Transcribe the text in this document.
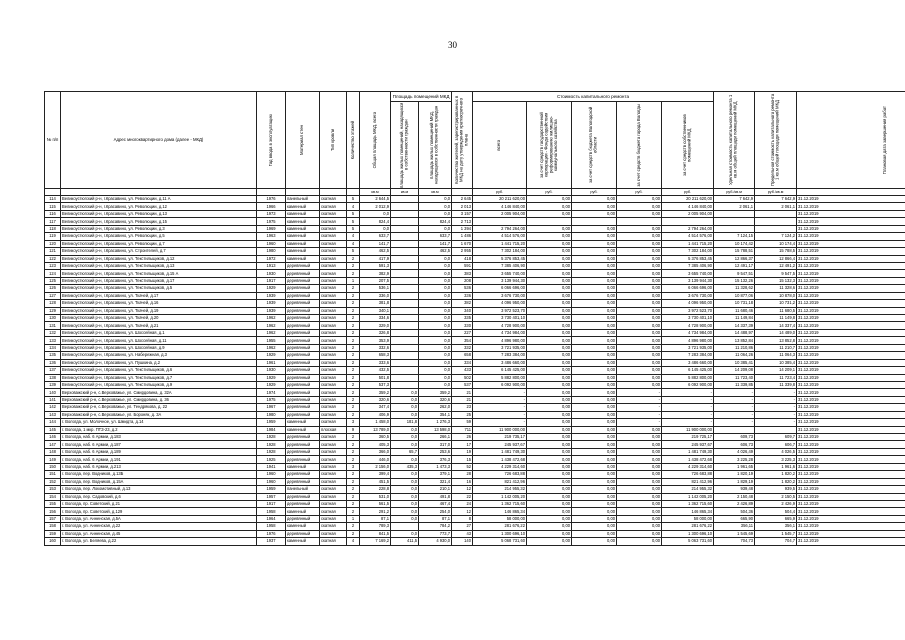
30
№ п/п	Адрес многоквартирного дома (далее - МКД)	Год ввода в эксплуатацию	Материал стен	Тип кровли	Количество этажей	Общая площадь МКД, всего	Площадь помещений МКД		Количество жителей, зарегистрированных в МКД на дату утверждения краткосрочного плана	Стоимость капитального ремонта					Удельная стоимость капитального ремонта 1 кв.м общей площади помещений МКД	Предельная стоимость капитального ремонта 1 кв.м общей площади помещений МКД	Плановая дата завершения работ

							площадь жилых помещений, находящихся в собственности граждан	площадь жилых помещений МКД, находящихся в собственности граждан		всего	за счет средств государственной корпорации - Фонда содействия реформированию жилищно-коммунального хозяйства	за счет средств бюджета Вологодской области	за счет средств бюджета города Вологды	за счет средств собственников помещений МКД			

						кв.м	кв.м	кв.м		руб.	руб.	руб.	руб.	руб.	руб./кв.м	руб./кв.м	
114	Великоустюгский р-н, г.Красавино, ул. Революции, д.11 А	1976	панельный	скатная	5	2 644,5		0,0	2 645	20 211 620,00	0,00	0,00	0,00	20 211 620,00	7 642,9	7 642,9	31.12.2019
115	Великоустюгский р-н, г.Красавино, ул. Революции, д.12	1966	каменный	скатная	4	2 012,9		0,0	2 013	4 146 840,00	0,00	0,00	0,00	4 146 840,00	2 061,1	2 061,1	31.12.2019
116	Великоустюгский р-н, г.Красавино, ул. Революции, д.13	1973	каменный	скатная	5	0,0		0,0	3 157	2 005 904,00	0,00	0,00	0,00	2 005 904,00			31.12.2019
117	Великоустюгский р-н, г.Красавино, ул. Революции, д.15	1975	каменный	скатная	5	824,4		824,4	2 713								31.12.2019
118	Великоустюгский р-н, г.Красавино, ул. Революции, д.3	1969	каменный	скатная	5	0,0		0,0	1 394	2 794 264,00	0,00	0,00	0,00	2 794 264,00			31.12.2019
119	Великоустюгский р-н, г.Красавино, ул. Революции, д.5	1963	каменный	скатная	4	633,7		633,7	1 486	4 514 576,00	0,00	0,00	0,00	4 514 576,00	7 124,15	7 124,2	31.12.2019
120	Великоустюгский р-н, г.Красавино, ул. Революции, д.7	1960	каменный	скатная	4	141,7		141,7	1 670	1 441 715,20	0,00	0,00	0,00	1 441 715,20	10 174,42	10 174,4	31.12.2019
121	Великоустюгский р-н, г.Красавино, ул. Строителей, д.7	1980	каменный	скатная	5	462,5		462,5	2 955	7 302 184,00	0,00	0,00	0,00	7 302 184,00	15 788,51	15 788,5	31.12.2019
122	Великоустюгский р-н, г.Красавино, ул. Текстильщиков, д.12	1972	каменный	скатная	2	417,9		0,0	418	5 376 853,45	0,00	0,00	0,00	5 376 853,45	12 866,37	12 866,4	31.12.2019
123	Великоустюгский р-н, г.Красавино, ул. Текстильщиков, д.13	1913	деревянный	скатная	2	591,3		0,0	591	7 385 406,90	0,00	0,00	0,00	7 385 406,90	12 491,17	12 491,2	31.12.2019
124	Великоустюгский р-н, г.Красавино, ул. Текстильщиков, д.15 А	1930	деревянный	скатная	2	382,9		0,0	383	3 655 740,00	0,00	0,00	0,00	3 655 740,00	9 547,51	9 547,5	31.12.2019
125	Великоустюгский р-н, г.Красавино, ул. Текстильщиков, д.17	1917	деревянный	скатная	1	207,5		0,0	208	3 139 944,30	0,00	0,00	0,00	3 139 944,30	15 132,26	15 132,3	31.12.2019
126	Великоустюгский р-н, г.Красавино, ул. Текстильщиков, д.5	1929	деревянный	скатная	2	536,1		0,0	536	6 066 696,00	0,00	0,00	0,00	6 066 696,00	11 328,62	11 328,6	31.12.2019
127	Великоустюгский р-н, г.Красавино, ул. Ткачей, д.17	1939	деревянный	скатная	2	336,0		0,0	336	3 676 730,00	0,00	0,00	0,00	3 676 730,00	10 877,06	10 878,0	31.12.2019
128	Великоустюгский р-н, г.Красавино, ул. Ткачей, д.16	1939	деревянный	скатная	2	381,8		0,0	382	4 096 950,00	0,00	0,00	0,00	4 096 950,00	10 731,18	10 731,2	31.12.2019
129	Великоустюгский р-н, г.Красавино, ул. Ткачей, д.19	1939	деревянный	скатная	2	340,1		0,0	340	3 972 523,70	0,00	0,00	0,00	3 972 523,70	11 680,46	11 680,5	31.12.2019
130	Великоустюгский р-н, г.Красавино, ул. Ткачей, д.20	1962	деревянный	скатная	2	334,6		0,0	335	3 730 401,10	0,00	0,00	0,00	3 730 401,10	11 149,84	11 149,8	31.12.2019
131	Великоустюгский р-н, г.Красавино, ул. Ткачей, д.21	1962	деревянный	скатная	2	329,0		0,0	330	4 728 900,00	0,00	0,00	0,00	4 728 900,00	14 337,39	14 337,4	31.12.2019
132	Великоустюгский р-н, г.Красавино, ул. Шоссейная, д.1	1962	деревянный	скатная	2	326,8		0,0	227	4 734 984,00	0,00	0,00	0,00	4 734 984,00	14 488,97	14 489,0	31.12.2019
133	Великоустюгский р-н, г.Красавино, ул. Шоссейная, д.11	1955	деревянный	скатная	2	353,9		0,0	354	4 896 980,00	0,00	0,00	0,00	4 896 980,00	13 852,84	13 852,8	31.12.2019
134	Великоустюгский р-н, г.Красавино, ул. Шоссейная, д.9	1962	деревянный	скатная	2	332,6		0,0	332	3 721 935,00	0,00	0,00	0,00	3 721 935,00	11 210,86	11 210,7	31.12.2019
135	Великоустюгский р-н, г.Красавино, ул. Набережная, д.3	1929	деревянный	скатная	2	658,3		0,0	658	7 283 384,00	0,00	0,00	0,00	7 283 384,00	11 064,26	11 064,3	31.12.2019
136	Великоустюгский р-н, г.Красавино, ул. Пушкина, д.2	1961	деревянный	скатная	2	333,6		0,0	334	3 486 660,00	0,00	0,00	0,00	3 486 660,00	10 385,41	10 385,4	31.12.2019
137	Великоустюгский р-н, г.Красавино, ул. Текстильщиков, д.6	1930	деревянный	скатная	2	432,5		0,0	433	6 145 425,00	0,00	0,00	0,00	6 145 425,00	14 209,08	14 209,1	31.12.2019
138	Великоустюгский р-н, г.Красавино, ул. Текстильщиков, д.7	1929	деревянный	скатная	2	501,8		0,0	502	5 882 800,00	0,00	0,00	0,00	5 882 800,00	11 723,40	11 723,4	31.12.2019
139	Великоустюгский р-н, г.Красавино, ул. Текстильщиков, д.9	1929	деревянный	скатная	2	537,3		0,0	537	6 092 900,00	0,00	0,00	0,00	6 092 900,00	11 339,85	11 339,8	31.12.2019
140	Верховажский р-н, с.Верховажье, ул. Смирдовина, д. 32А	1974	деревянный	скатная	2	359,2	0,0	359,2	21	-	0,00	0,00	-	-	-	-	31.12.2019
141	Верховажский р-н, с.Верховажье, ул. Смирдовина, д. 36	1975	деревянный	скатная	2	320,6	0,0	320,6	21	-	0,00	0,00	-	-	-	-	31.12.2019
142	Верховажский р-н, с.Верховажье, ул. Тендрякова, д. 22	1967	деревянный	скатная	2	347,4	0,0	262,0	23	-	0,00	0,00	-	-	-	-	31.12.2019
143	Верховажский р-н, с.Верховажье, ул. Бороняк, д. 3А	1980	деревянный	скатная	2	406,9	0,0	354,1	25	-	0,00	0,00	-	-	-	-	31.12.2019
144	г. Вологда, ул. Молочное, ул. Шмидта, д.14	1959	каменный	скатная	3	1 458,0	181,8	1 276,3	59	-	0,00	0,00	-	-	-	-	31.12.2019
145	г. Вологда, 1 мкр. ПТЗ-23, д.2	1984	каменный	плоская	9	13 789,0	0,0	13 598,0	711	11 900 000,00	0,00	0,00	0,00	11 900 000,00			31.12.2019
146	г. Вологда, наб. 6 Армии, д.183	1928	деревянный	скатная	2	360,5	0,0	266,1	26	219 735,17	0,00	0,00	0,00	219 725,17	609,73	609,7	31.12.2019
147	г. Вологда, наб. 6 Армии, д.187	1928	деревянный	скатная	2	405,3	0,0	317,0	17	245 937,67	0,00	0,00	0,00	245 937,67	606,73	606,7	31.12.2019
148	г. Вологда, наб. 6 Армии, д.189	1928	деревянный	скатная	2	366,0	65,7	253,6	19	1 481 749,30	0,00	0,00	0,00	1 481 749,30	4 026,49	4 026,5	31.12.2019
149	г. Вологда, наб. 6 Армии, д.191	1925	деревянный	скатная	2	446,0	0,0	376,3	15	1 438 472,68	0,00	0,00	0,00	1 438 472,68	3 225,28	3 225,3	31.12.2019
150	г. Вологда, наб. 6 Армии, д.213	1941	каменный	скатная	3	2 156,0	435,3	1 473,3	52	4 229 314,60	0,00	0,00	0,00	4 229 314,60	1 961,65	1 961,6	31.12.2019
151	г. Вологда, пер. Водников, д.13Б	1960	деревянный	скатная	2	399,4	0,0	379,1	28	726 683,88	0,00	0,00	0,00	726 683,88	1 820,19	1 820,2	31.12.2019
152	г. Вологда, пер. Водников, д.15А	1960	деревянный	скатная	2	451,5	0,0	321,4	16	821 412,96	0,00	0,00	0,00	821 412,96	1 829,19	1 820,2	31.12.2019
153	г. Вологда, пер. Локомотивный, д.13	1959	панельный	скатная	2	228,8	0,0	210,1	12	214 955,32	0,00	0,00	0,00	214 955,32	939,48	939,5	31.12.2019
154	г. Вологда, пер. Садовский, д.6	1957	деревянный	скатная	2	531,0	0,0	491,8	22	1 142 005,20	0,00	0,00	0,00	1 142 005,20	2 150,48	2 150,5	31.12.2019
155	г. Вологда, пр. Советский, д.21	1917	деревянный	скатная	2	561,5	0,0	467,4	24	1 362 715,60	0,00	0,00	0,00	1 362 715,60	2 426,89	2 426,9	31.12.2019
156	г. Вологда, пр. Советский, д.129	1958	каменный	скатная	2	291,2	0,0	254,0	12	146 865,34	0,00	0,00	0,00	146 865,34	504,36	504,4	31.12.2019
157	г. Вологда, ул. Анненская, д.5А	1964	деревянный	скатная	1	87,1	0,0	87,1	8	58 000,00	0,00	0,00	0,00	58 000,00	665,90	665,9	31.12.2019
158	г. Вологда, ул. Анненская, д.22	1958	каменный	скатная	2	789,3		784,2	27	281 676,22	0,00	0,00	0,00	281 676,22	356,11	356,1	31.12.2019
159	г. Вологда, ул. Анненская, д.45	1976	деревянный	скатная	2	841,5	0,0	773,7	43	1 300 696,10	0,00	0,00	0,00	1 300 696,10	1 545,69	1 545,7	31.12.2019
160	г. Вологда, ул. Беляева, д.22	1937	каменный	скатная	4	7 169,2	411,5	4 930,0	140	5 068 731,60	0,00	0,00	0,00	5 063 731,60	704,73	704,7	31.12.2019
